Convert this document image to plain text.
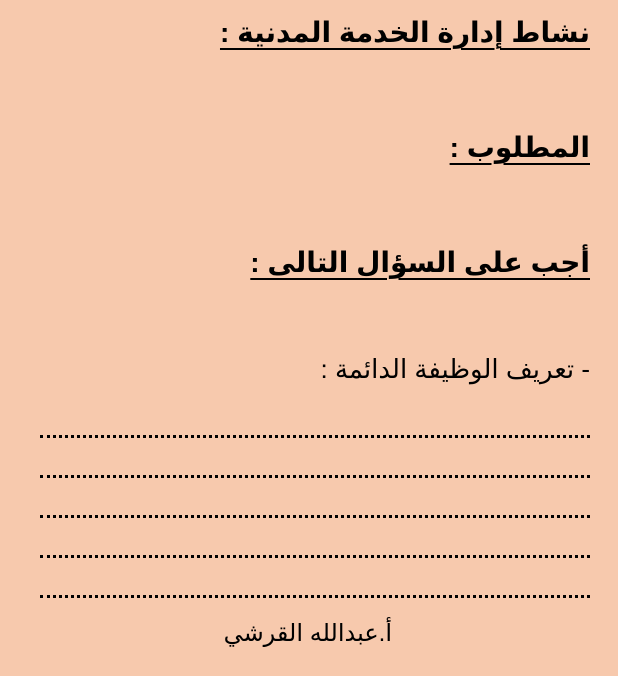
نشاط إدارة الخدمة المدنية :
المطلوب :
أجب على السؤال التالى :

- تعريف الوظيفة الدائمة :

أ.عبدالله القرشي
